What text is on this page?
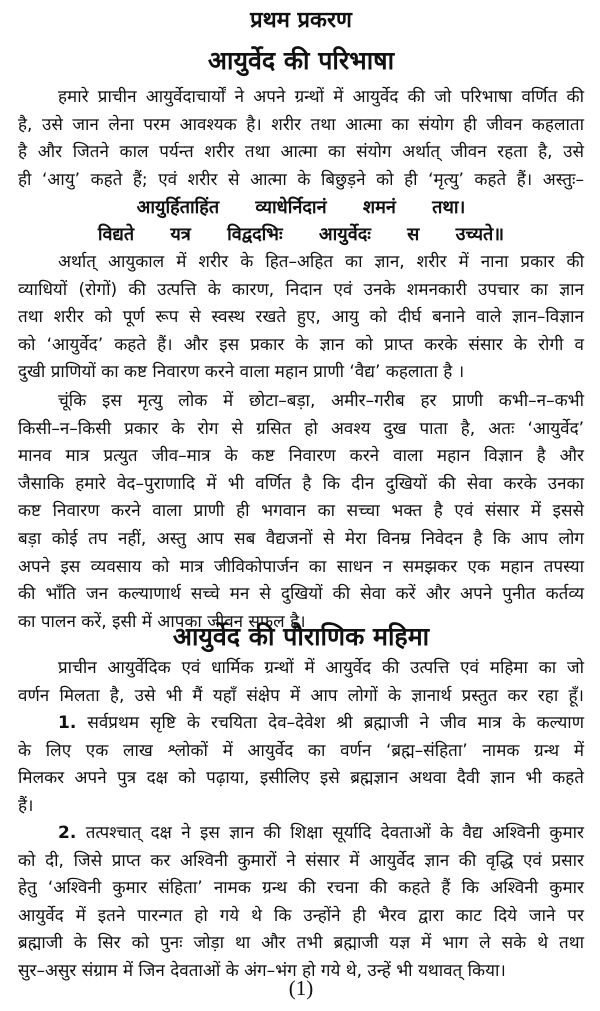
प्रथम प्रकरण
आयुर्वेद की परिभाषा
हमारे प्राचीन आयुर्वेदाचार्यों ने अपने ग्रन्थों में आयुर्वेद की जो परिभाषा वर्णित की
है, उसे जान लेना परम आवश्यक है। शरीर तथा आत्मा का संयोग ही जीवन कहलाता
है और जितने काल पर्यन्त शरीर तथा आत्मा का संयोग अर्थात् जीवन रहता है, उसे
ही ‘आयु’ कहते हैं; एवं शरीर से आत्मा के बिछुड़ने को ही ‘मृत्यु’ कहते हैं। अस्तुः–
आयुर्हिताहिंत व्याधेर्निदानं शमनं तथा।
विद्यते यत्र विद्वदभिः आयुर्वेदः स उच्यते॥
अर्थात् आयुकाल में शरीर के हित–अहित का ज्ञान, शरीर में नाना प्रकार की
व्याधियों (रोगों) की उत्पत्ति के कारण, निदान एवं उनके शमनकारी उपचार का ज्ञान
तथा शरीर को पूर्ण रूप से स्वस्थ रखते हुए, आयु को दीर्घ बनाने वाले ज्ञान–विज्ञान
को ‘आयुर्वेद’ कहते हैं। और इस प्रकार के ज्ञान को प्राप्त करके संसार के रोगी व
दुखी प्राणियों का कष्ट निवारण करने वाला महान प्राणी ‘वैद्य’ कहलाता है ।
चूंकि इस मृत्यु लोक में छोटा–बड़ा, अमीर–गरीब हर प्राणी कभी–न–कभी
किसी–न–किसी प्रकार के रोग से ग्रसित हो अवश्य दुख पाता है, अतः ‘आयुर्वेद’
मानव मात्र प्रत्युत जीव–मात्र के कष्ट निवारण करने वाला महान विज्ञान है और
जैसाकि हमारे वेद–पुराणादि में भी वर्णित है कि दीन दुखियों की सेवा करके उनका
कष्ट निवारण करने वाला प्राणी ही भगवान का सच्चा भक्त है एवं संसार में इससे
बड़ा कोई तप नहीं, अस्तु आप सब वैद्यजनों से मेरा विनम्र निवेदन है कि आप लोग
अपने इस व्यवसाय को मात्र जीविकोपार्जन का साधन न समझकर एक महान तपस्या
की भाँति जन कल्याणार्थ सच्चे मन से दुखियों की सेवा करें और अपने पुनीत कर्तव्य
का पालन करें, इसी में आपका जीवन सफल है।
आयुर्वेद की पौराणिक महिमा
प्राचीन आयुर्वेदिक एवं धार्मिक ग्रन्थों में आयुर्वेद की उत्पत्ति एवं महिमा का जो
वर्णन मिलता है, उसे भी मैं यहाँ संक्षेप में आप लोगों के ज्ञानार्थ प्रस्तुत कर रहा हूँ।
1. सर्वप्रथम सृष्टि के रचयिता देव–देवेश श्री ब्रह्माजी ने जीव मात्र के कल्याण
के लिए एक लाख श्लोकों में आयुर्वेद का वर्णन ‘ब्रह्म–संहिता’ नामक ग्रन्थ में
मिलकर अपने पुत्र दक्ष को पढ़ाया, इसीलिए इसे ब्रह्मज्ञान अथवा दैवी ज्ञान भी कहते
हैं।
2. तत्पश्चात् दक्ष ने इस ज्ञान की शिक्षा सूर्यादि देवताओं के वैद्य अश्विनी कुमार
को दी, जिसे प्राप्त कर अश्विनी कुमारों ने संसार में आयुर्वेद ज्ञान की वृद्धि एवं प्रसार
हेतु ‘अश्विनी कुमार संहिता’ नामक ग्रन्थ की रचना की कहते हैं कि अश्विनी कुमार
आयुर्वेद में इतने पारन्गत हो गये थे कि उन्होंने ही भैरव द्वारा काट दिये जाने पर
ब्रह्माजी के सिर को पुनः जोड़ा था और तभी ब्रह्माजी यज्ञ में भाग ले सके थे तथा
सुर–असुर संग्राम में जिन देवताओं के अंग–भंग हो गये थे, उन्हें भी यथावत् किया।
(1)
